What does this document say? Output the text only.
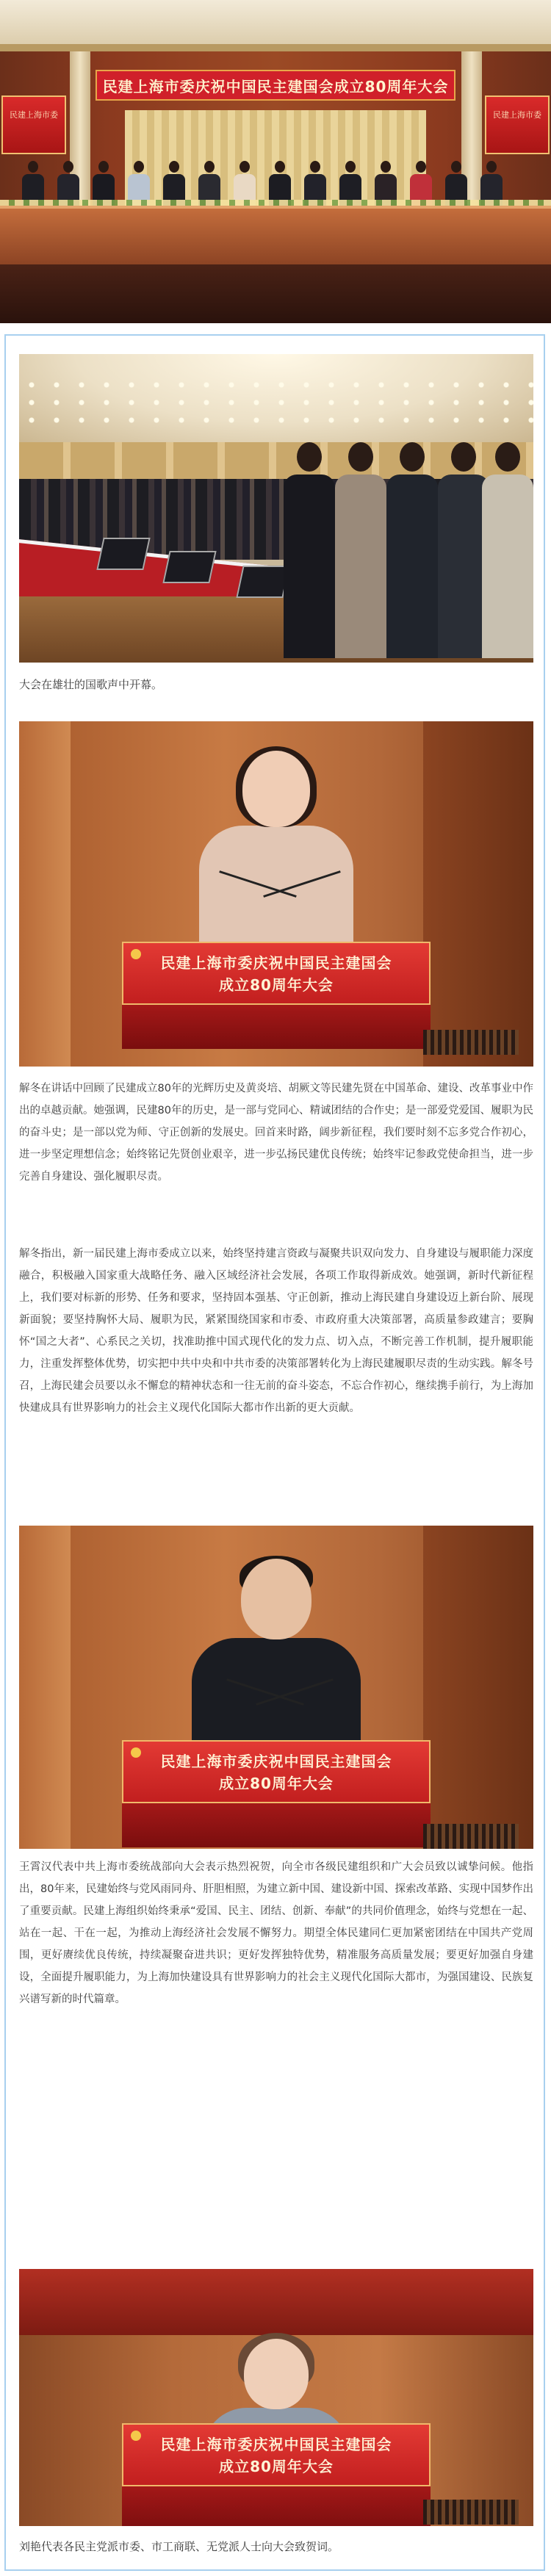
民建上海市委庆祝中国民主建国会成立80周年大会
民建上海市委	民建上海市委

大会在雄壮的国歌声中开幕。

民建上海市委庆祝中国民主建国会
成立80周年大会

解冬在讲话中回顾了民建成立80年的光辉历史及黄炎培、胡厥文等民建先贤在中国革命、建设、改革事业中作出的卓越贡献。她强调，民建80年的历史，是一部与党同心、精诚团结的合作史；是一部爱党爱国、履职为民的奋斗史；是一部以党为师、守正创新的发展史。回首来时路，阔步新征程，我们要时刻不忘多党合作初心，进一步坚定理想信念；始终铭记先贤创业艰辛，进一步弘扬民建优良传统；始终牢记参政党使命担当，进一步完善自身建设、强化履职尽责。

解冬指出，新一届民建上海市委成立以来，始终坚持建言资政与凝聚共识双向发力、自身建设与履职能力深度融合，积极融入国家重大战略任务、融入区域经济社会发展，各项工作取得新成效。她强调，新时代新征程上，我们要对标新的形势、任务和要求，坚持固本强基、守正创新，推动上海民建自身建设迈上新台阶、展现新面貌；要坚持胸怀大局、履职为民，紧紧围绕国家和市委、市政府重大决策部署，高质量参政建言；要胸怀“国之大者”、心系民之关切，找准助推中国式现代化的发力点、切入点，不断完善工作机制，提升履职能力，注重发挥整体优势，切实把中共中央和中共市委的决策部署转化为上海民建履职尽责的生动实践。解冬号召，上海民建会员要以永不懈怠的精神状态和一往无前的奋斗姿态，不忘合作初心，继续携手前行，为上海加快建成具有世界影响力的社会主义现代化国际大都市作出新的更大贡献。

民建上海市委庆祝中国民主建国会
成立80周年大会

王霄汉代表中共上海市委统战部向大会表示热烈祝贺，向全市各级民建组织和广大会员致以诚挚问候。他指出，80年来，民建始终与党风雨同舟、肝胆相照，为建立新中国、建设新中国、探索改革路、实现中国梦作出了重要贡献。民建上海组织始终秉承“爱国、民主、团结、创新、奉献”的共同价值理念，始终与党想在一起、站在一起、干在一起，为推动上海经济社会发展不懈努力。期望全体民建同仁更加紧密团结在中国共产党周围，更好赓续优良传统，持续凝聚奋进共识；更好发挥独特优势，精准服务高质量发展；要更好加强自身建设，全面提升履职能力，为上海加快建设具有世界影响力的社会主义现代化国际大都市，为强国建设、民族复兴谱写新的时代篇章。

民建上海市委庆祝中国民主建国会
成立80周年大会

刘艳代表各民主党派市委、市工商联、无党派人士向大会致贺词。
